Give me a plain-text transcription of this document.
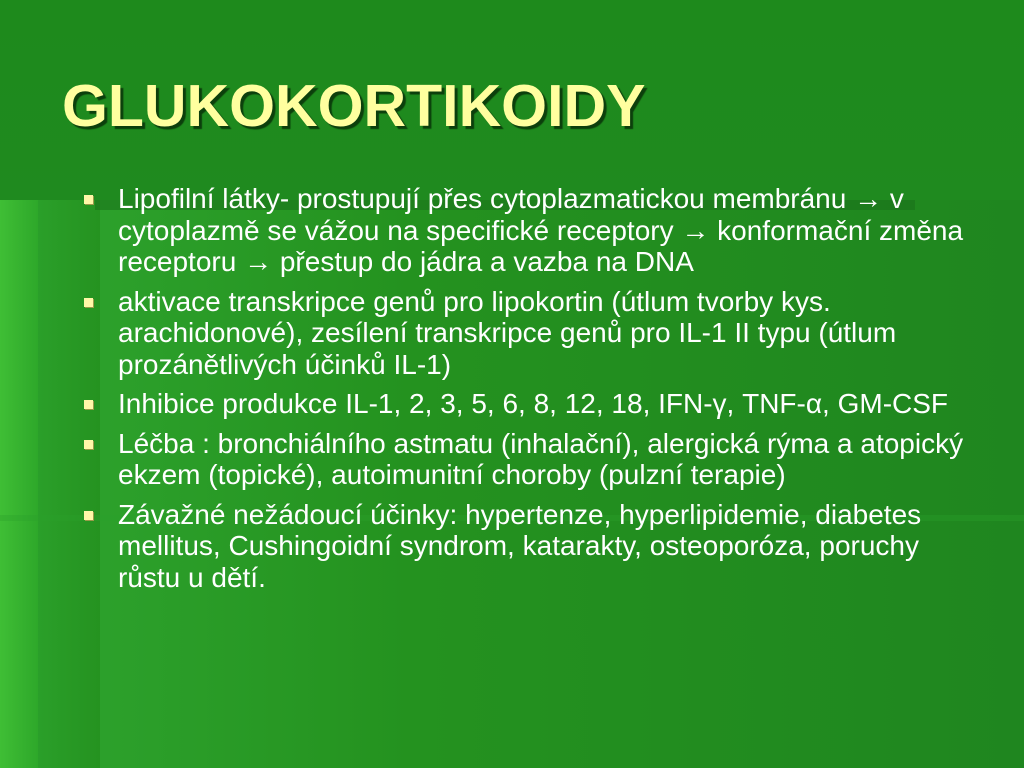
GLUKOKORTIKOIDY
Lipofilní látky- prostupují přes cytoplazmatickou membránu → v cytoplazmě se vážou na specifické receptory → konformační změna receptoru → přestup do jádra a vazba na DNA
aktivace transkripce genů pro lipokortin (útlum tvorby kys. arachidonové), zesílení transkripce genů pro IL-1 II typu (útlum prozánětlivých účinků IL-1)
Inhibice produkce IL-1, 2, 3, 5, 6, 8, 12, 18, IFN-γ, TNF-α, GM-CSF
Léčba : bronchiálního astmatu (inhalační), alergická rýma a atopický ekzem (topické), autoimunitní choroby (pulzní terapie)
Závažné nežádoucí účinky: hypertenze, hyperlipidemie, diabetes mellitus, Cushingoidní syndrom, katarakty, osteoporóza, poruchy růstu u dětí.
